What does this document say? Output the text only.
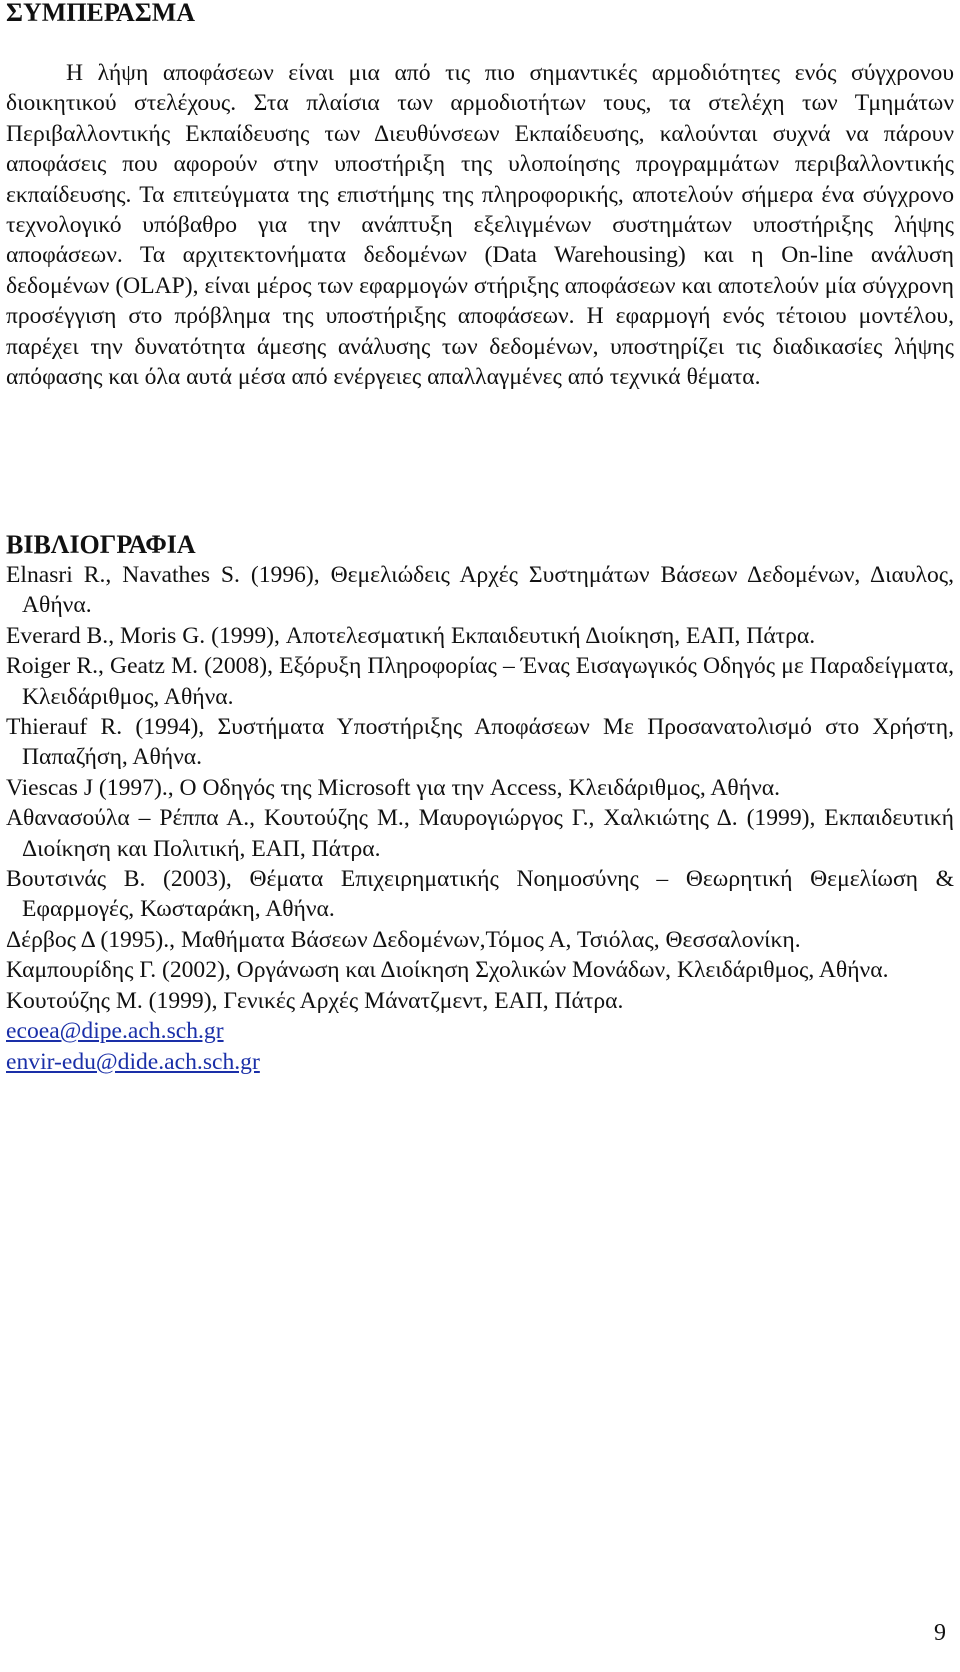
ΣΥΜΠΕΡΑΣΜΑ

Η λήψη αποφάσεων είναι μια από τις πιο σημαντικές αρμοδιότητες ενός σύγχρονου διοικητικού στελέχους. Στα πλαίσια των αρμοδιοτήτων τους, τα στελέχη των Τμημάτων Περιβαλλοντικής Εκπαίδευσης των Διευθύνσεων Εκπαίδευσης, καλούνται συχνά να πάρουν αποφάσεις που αφορούν στην υποστήριξη της υλοποίησης προγραμμάτων περιβαλλοντικής εκπαίδευσης. Τα επιτεύγματα της επιστήμης της πληροφορικής, αποτελούν σήμερα ένα σύγχρονο τεχνολογικό υπόβαθρο για την ανάπτυξη εξελιγμένων συστημάτων υποστήριξης λήψης αποφάσεων. Τα αρχιτεκτονήματα δεδομένων (Data Warehousing) και η On-line ανάλυση δεδομένων (OLAP), είναι μέρος των εφαρμογών στήριξης αποφάσεων και αποτελούν μία σύγχρονη προσέγγιση στο πρόβλημα της υποστήριξης αποφάσεων. Η εφαρμογή ενός τέτοιου μοντέλου, παρέχει την δυνατότητα άμεσης ανάλυσης των δεδομένων, υποστηρίζει τις διαδικασίες λήψης απόφασης και όλα αυτά μέσα από ενέργειες απαλλαγμένες από τεχνικά θέματα.

ΒΙΒΛΙΟΓΡΑΦΙΑ

Elnasri R., Navathes S. (1996), Θεμελιώδεις Αρχές Συστημάτων Βάσεων Δεδομένων, Διαυλος, Αθήνα.

Everard B., Moris G. (1999), Αποτελεσματική Εκπαιδευτική Διοίκηση, ΕΑΠ, Πάτρα.

Roiger R., Geatz M. (2008), Εξόρυξη Πληροφορίας – Ένας Εισαγωγικός Οδηγός με Παραδείγματα, Κλειδάριθμος, Αθήνα.

Thierauf R. (1994), Συστήματα Υποστήριξης Αποφάσεων Με Προσανατολισμό στο Χρήστη, Παπαζήση, Αθήνα.

Viescas J (1997)., Ο Οδηγός της Microsoft για την Access, Κλειδάριθμος, Αθήνα.

Αθανασούλα – Ρέππα Α., Κουτούζης Μ., Μαυρογιώργος Γ., Χαλκιώτης Δ. (1999), Εκπαιδευτική Διοίκηση και Πολιτική, ΕΑΠ, Πάτρα.

Βουτσινάς Β. (2003), Θέματα Επιχειρηματικής Νοημοσύνης – Θεωρητική Θεμελίωση & Εφαρμογές, Κωσταράκη, Αθήνα.

Δέρβος Δ (1995)., Μαθήματα Βάσεων Δεδομένων,Τόμος Α, Τσιόλας, Θεσσαλονίκη.

Καμπουρίδης Γ. (2002), Οργάνωση και Διοίκηση Σχολικών Μονάδων, Κλειδάριθμος, Αθήνα.

Κουτούζης Μ. (1999), Γενικές Αρχές Μάνατζμεντ, ΕΑΠ, Πάτρα.

ecoea@dipe.ach.sch.gr
envir-edu@dide.ach.sch.gr
9
